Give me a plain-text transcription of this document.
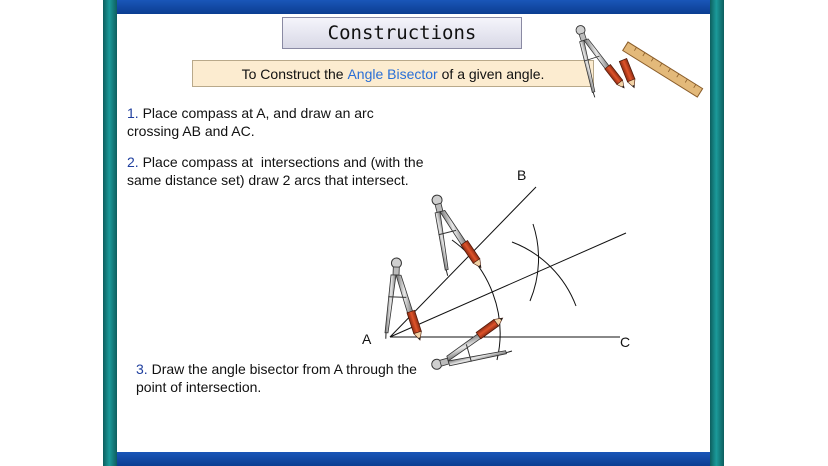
Constructions
To Construct the Angle Bisector of a given angle.
1. Place compass at A, and draw an arc
crossing AB and AC.
2. Place compass at  intersections and (with the
same distance set) draw 2 arcs that intersect.
3. Draw the angle bisector from A through the
point of intersection.
A
B
C
